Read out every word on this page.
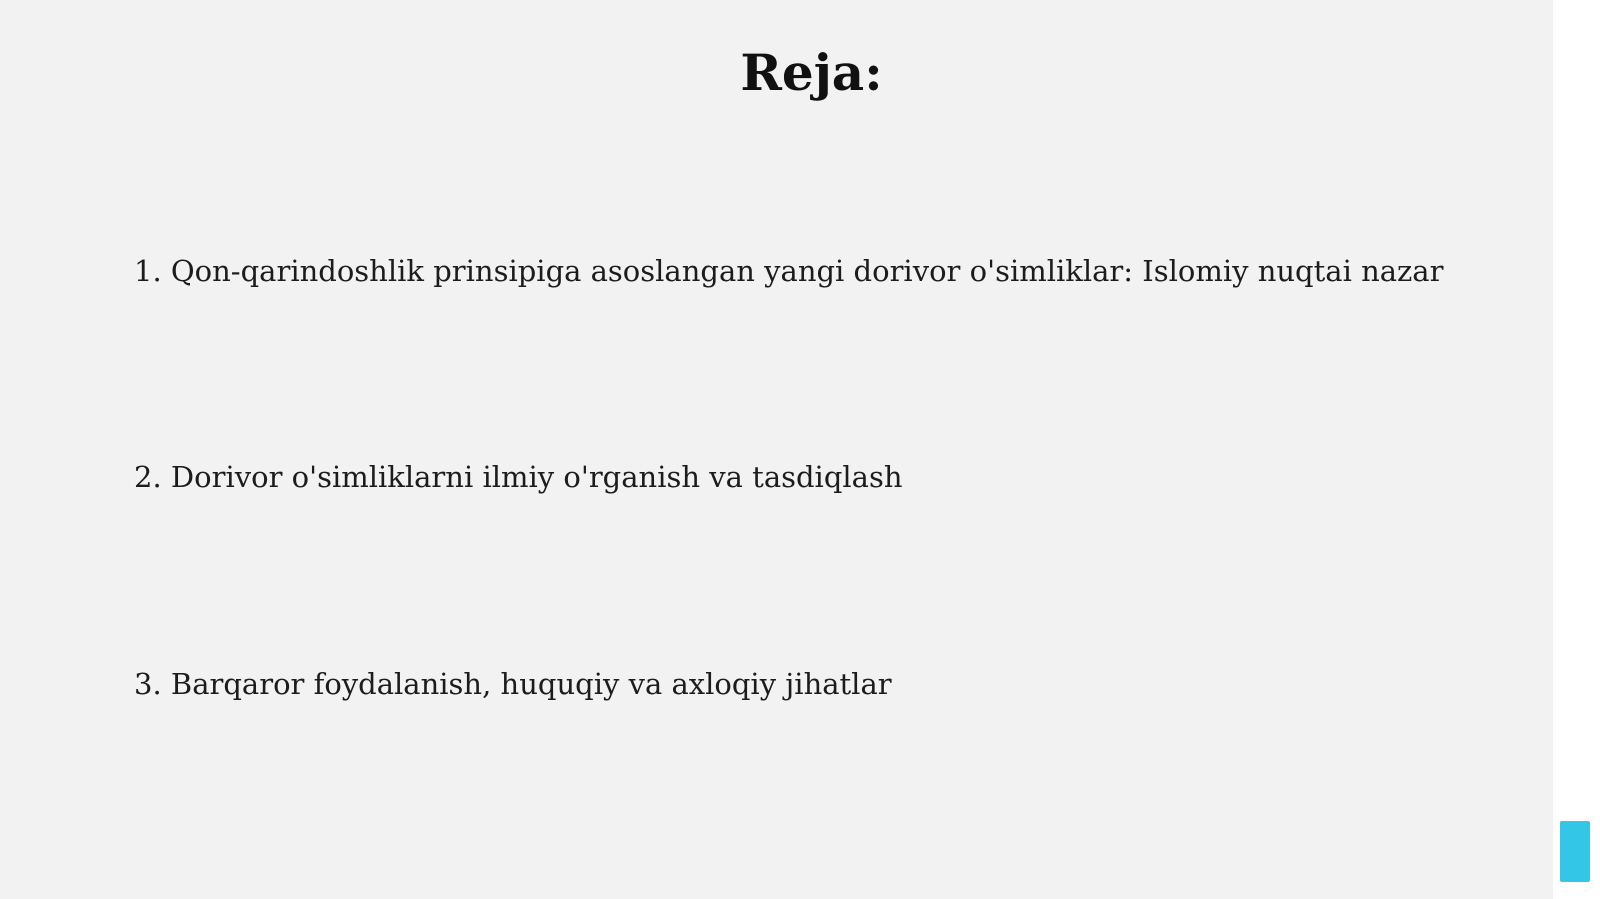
Reja:
1. Qon-qarindoshlik prinsipiga asoslangan yangi dorivor o'simliklar: Islomiy nuqtai nazar
2. Dorivor o'simliklarni ilmiy o'rganish va tasdiqlash
3. Barqaror foydalanish, huquqiy va axloqiy jihatlar
